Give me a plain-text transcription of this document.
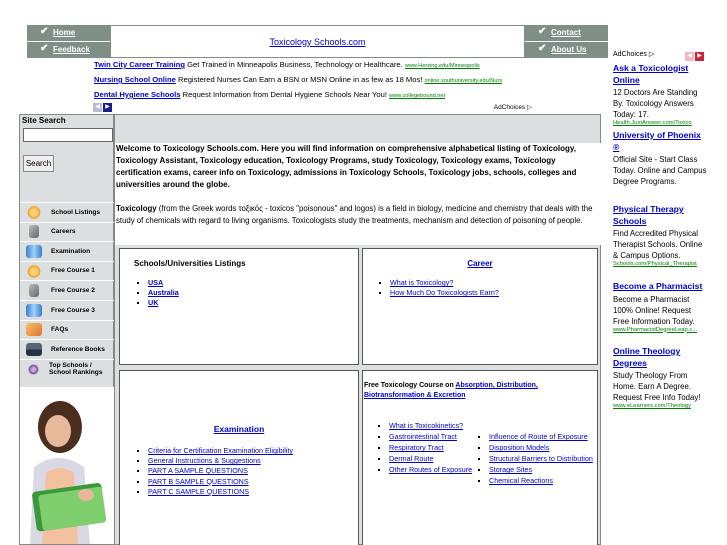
✔ Home
✔ Feedback
Toxicology Schools.com
✔ Contact
✔ About Us
✔
Twin City Career Training Get Trained in Minneapolis Business, Technology or Healthcare. www.Herzing.edu/Minneapolis
Nursing School Online Registered Nurses Can Earn a BSN or MSN Online in as few as 18 Mos! online.southuniversity.edu/Nurs
Dental Hygiene Schools Request Information from Dental Hygiene Schools Near You! www.collegebound.net
◀ ▶	AdChoices ▷
Site Search
Search
School Listings
Careers
Examination
Free Course 1
Free Course 2
Free Course 3
FAQs
Reference Books
Top Schools / School Rankings
Welcome to Toxicology Schools.com. Here you will find information on comprehensive alphabetical listing of Toxicology, Toxicology Assistant, Toxicology education, Toxicology Programs, study Toxicology, Toxicology exams, Toxicology certification exams, career info on Toxicology, admissions in Toxicology Schools, Toxicology jobs, schools, colleges and universities around the globe.
Toxicology (from the Greek words τοξικός - toxicos "poisonous" and logos) is a field in biology, medicine and chemistry that deals with the study of chemicals with regard to living organisms. Toxicologists study the treatments, mechanism and detection of poisoning of people.
Schools/Universities Listings
▪ USA
▪ Australia
▪ UK
Career
▪ What is Toxicology?
▪ How Much Do Toxicologists Earn?
Examination
▪ Criteria for Certification Examination Eligibility
▪ General Instructions & Suggestions
▪ PART A SAMPLE QUESTIONS
▪ PART B SAMPLE QUESTIONS
▪ PART C SAMPLE QUESTIONS
Free Toxicology Course on Absorption, Distribution, Biotransformation & Excretion
▪ What is Toxicokinetics?
▪ Gastrointestinal Tract
▪ Respiratory Tract
▪ Dermal Route
▪ Other Routes of Exposure
▪ Influence of Route of Exposure
▪ Disposition Models
▪ Structural Barriers to Distribution
▪ Storage Sites
▪ Chemical Reactions
AdChoices ▷	◀ ▶
Ask a Toxicologist Online
12 Doctors Are Standing By. Toxicology Answers Today: 17.
Health.JustAnswer.com/Toxico
University of Phoenix ®
Official Site - Start Class Today. Online and Campus Degree Programs.
Physical Therapy Schools
Find Accredited Physical Therapist Schools. Online & Campus Options.
Schools.com/Physical_Therapist
Become a Pharmacist
Become a Pharmacist 100% Online! Request Free Information Today.
www.PharmacistDegreeLeap.c...
Online Theology Degrees
Study Theology From Home. Earn A Degree. Request Free Info Today!
www.eLearners.com/Theology
